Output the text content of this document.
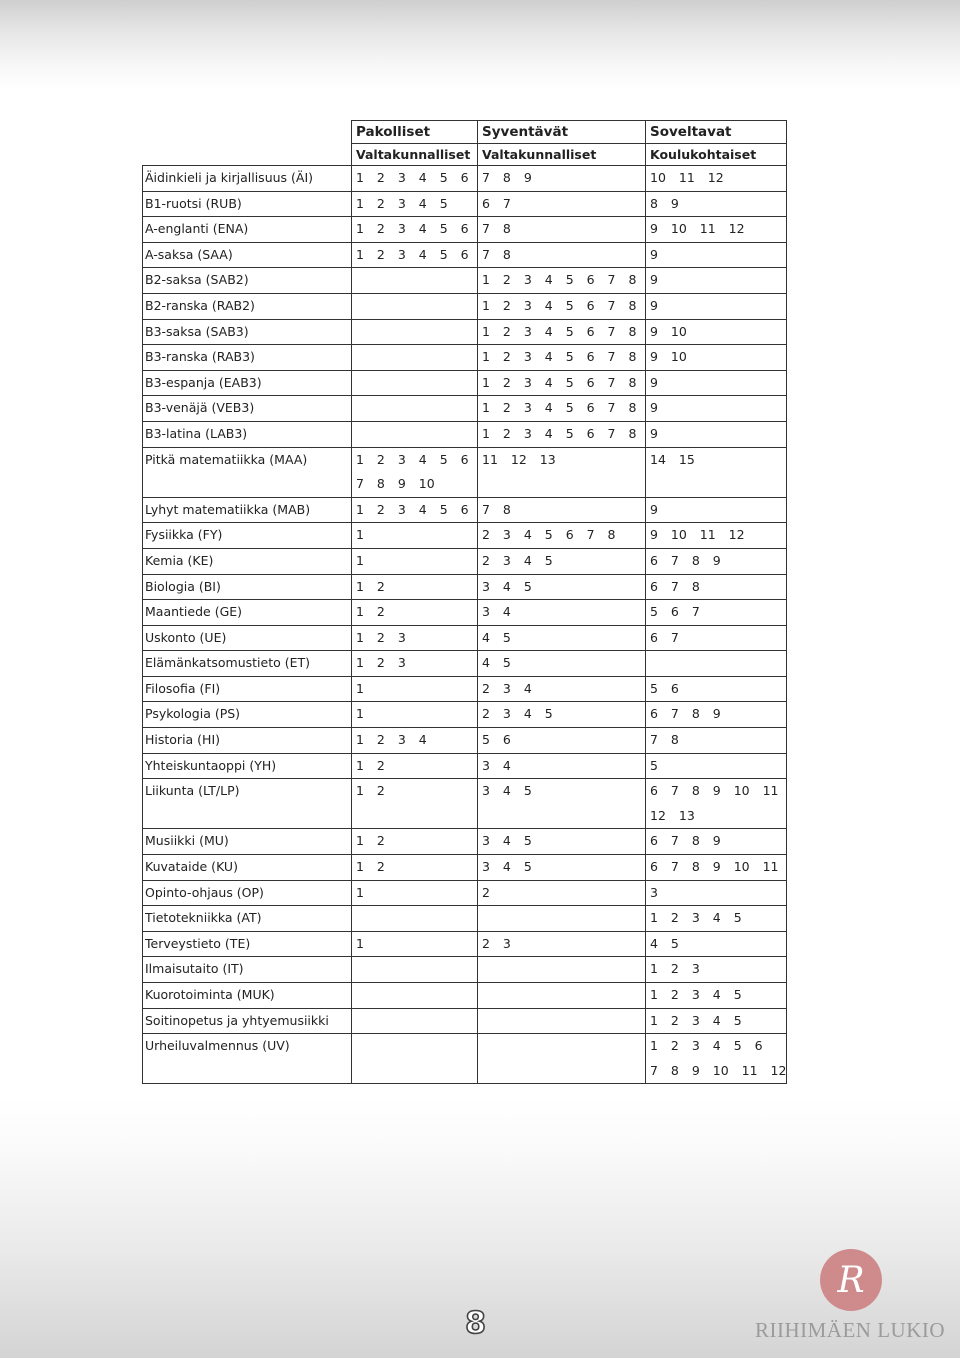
	Pakolliset	Syventävät	Soveltavat
	Valtakunnalliset	Valtakunnalliset	Koulukohtaiset
Äidinkieli ja kirjallisuus (ÄI)	1 2 3 4 5 6	7 8 9	10 11 12
B1-ruotsi (RUB)	1 2 3 4 5	6 7	8 9
A-englanti (ENA)	1 2 3 4 5 6	7 8	9 10 11 12
A-saksa (SAA)	1 2 3 4 5 6	7 8	9
B2-saksa (SAB2)		1 2 3 4 5 6 7 8	9
B2-ranska (RAB2)		1 2 3 4 5 6 7 8	9
B3-saksa (SAB3)		1 2 3 4 5 6 7 8	9 10
B3-ranska (RAB3)		1 2 3 4 5 6 7 8	9 10
B3-espanja (EAB3)		1 2 3 4 5 6 7 8	9
B3-venäjä (VEB3)		1 2 3 4 5 6 7 8	9
B3-latina (LAB3)		1 2 3 4 5 6 7 8	9
Pitkä matematiikka (MAA)	1 2 3 4 5 6	11 12 13	14 15
	7 8 9 10		
Lyhyt matematiikka (MAB)	1 2 3 4 5 6	7 8	9
Fysiikka (FY)	1	2 3 4 5 6 7 8	9 10 11 12
Kemia (KE)	1	2 3 4 5	6 7 8 9
Biologia (BI)	1 2	3 4 5	6 7 8
Maantiede (GE)	1 2	3 4	5 6 7
Uskonto (UE)	1 2 3	4 5	6 7
Elämänkatsomustieto (ET)	1 2 3	4 5	
Filosofia (FI)	1	2 3 4	5 6
Psykologia (PS)	1	2 3 4 5	6 7 8 9
Historia (HI)	1 2 3 4	5 6	7 8
Yhteiskuntaoppi (YH)	1 2	3 4	5
Liikunta (LT/LP)	1 2	3 4 5	6 7 8 9 10 11
			12 13
Musiikki (MU)	1 2	3 4 5	6 7 8 9
Kuvataide (KU)	1 2	3 4 5	6 7 8 9 10 11
Opinto-ohjaus (OP)	1	2	3
Tietotekniikka (AT)			1 2 3 4 5
Terveystieto (TE)	1	2 3	4 5
Ilmaisutaito (IT)			1 2 3
Kuorotoiminta (MUK)			1 2 3 4 5
Soitinopetus ja yhtyemusiikki			1 2 3 4 5
Urheiluvalmennus (UV)			1 2 3 4 5 6
			7 8 9 10 11 12
8
R
RIIHIMÄEN LUKIO
